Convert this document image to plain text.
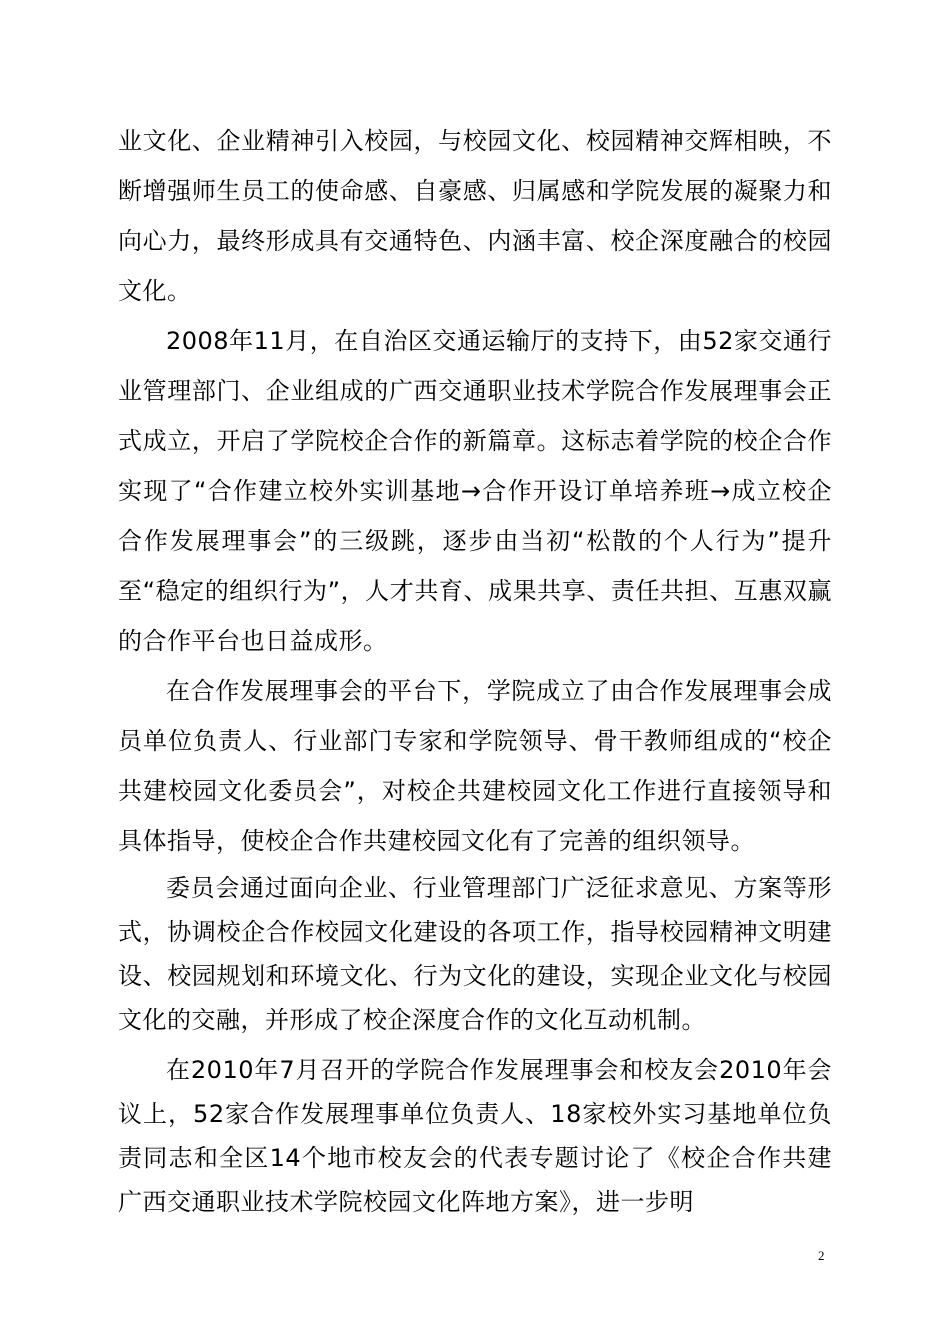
业文化、企业精神引入校园，与校园文化、校园精神交辉相映，不断增强师生员工的使命感、自豪感、归属感和学院发展的凝聚力和向心力，最终形成具有交通特色、内涵丰富、校企深度融合的校园文化。

2008年11月，在自治区交通运输厅的支持下，由52家交通行业管理部门、企业组成的广西交通职业技术学院合作发展理事会正式成立，开启了学院校企合作的新篇章。这标志着学院的校企合作实现了“合作建立校外实训基地→合作开设订单培养班→成立校企合作发展理事会”的三级跳，逐步由当初“松散的个人行为”提升至“稳定的组织行为”，人才共育、成果共享、责任共担、互惠双赢的合作平台也日益成形。

在合作发展理事会的平台下，学院成立了由合作发展理事会成员单位负责人、行业部门专家和学院领导、骨干教师组成的“校企共建校园文化委员会”，对校企共建校园文化工作进行直接领导和具体指导，使校企合作共建校园文化有了完善的组织领导。

委员会通过面向企业、行业管理部门广泛征求意见、方案等形式，协调校企合作校园文化建设的各项工作，指导校园精神文明建设、校园规划和环境文化、行为文化的建设，实现企业文化与校园文化的交融，并形成了校企深度合作的文化互动机制。

在2010年7月召开的学院合作发展理事会和校友会2010年会议上，52家合作发展理事单位负责人、18家校外实习基地单位负责同志和全区14个地市校友会的代表专题讨论了《校企合作共建广西交通职业技术学院校园文化阵地方案》，进一步明

2
